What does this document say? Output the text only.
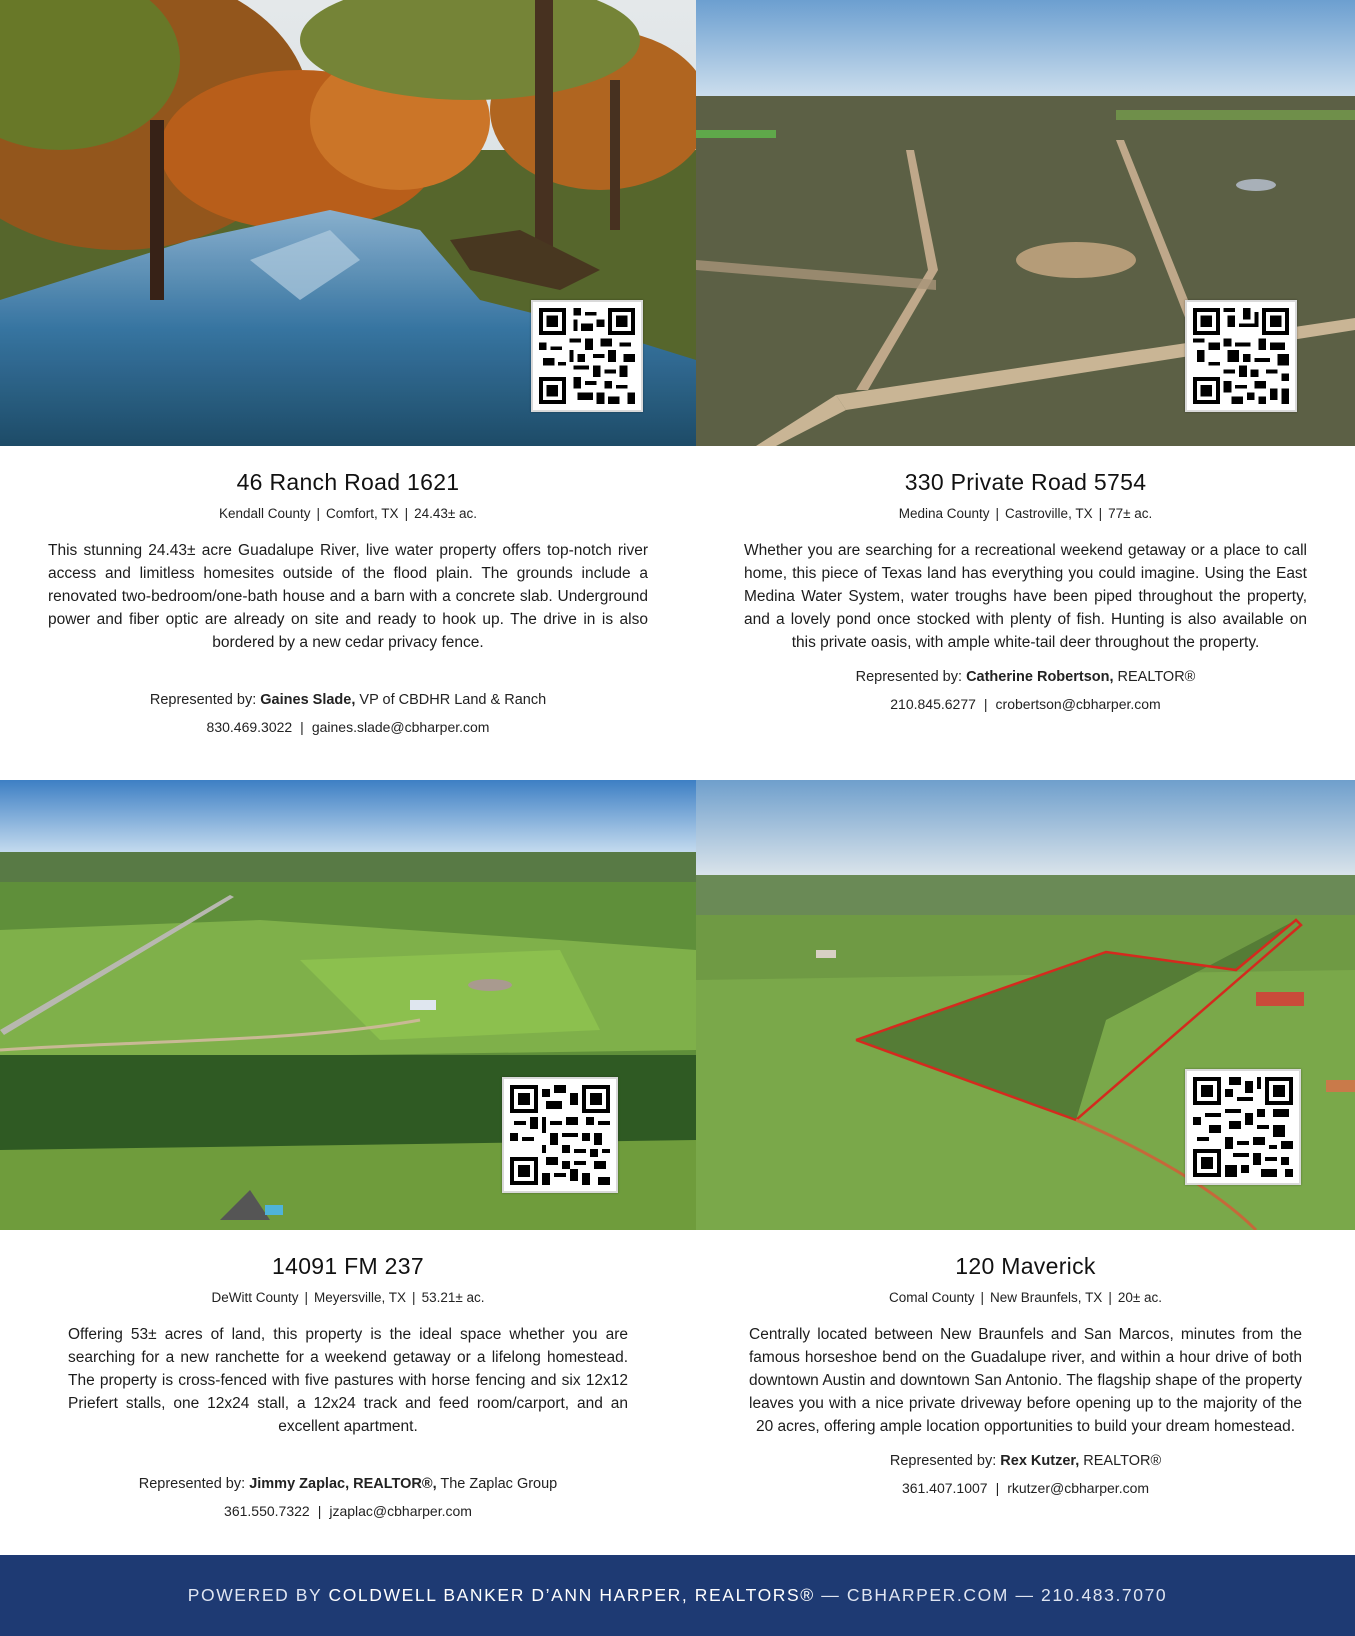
46 Ranch Road 1621
Kendall County | Comfort, TX | 24.43± ac.

This stunning 24.43± acre Guadalupe River, live water property offers top-notch river access and limitless homesites outside of the flood plain. The grounds include a renovated two-bedroom/one-bath house and a barn with a concrete slab. Underground power and fiber optic are already on site and ready to hook up. The drive in is also bordered by a new cedar privacy fence.

Represented by: Gaines Slade, VP of CBDHR Land & Ranch
830.469.3022 | gaines.slade@cbharper.com
330 Private Road 5754
Medina County | Castroville, TX | 77± ac.

Whether you are searching for a recreational weekend getaway or a place to call home, this piece of Texas land has everything you could imagine. Using the East Medina Water System, water troughs have been piped throughout the property, and a lovely pond once stocked with plenty of fish. Hunting is also available on this private oasis, with ample white-tail deer throughout the property.

Represented by: Catherine Robertson, REALTOR®
210.845.6277 | crobertson@cbharper.com
14091 FM 237
DeWitt County | Meyersville, TX | 53.21± ac.

Offering 53± acres of land, this property is the ideal space whether you are searching for a new ranchette for a weekend getaway or a lifelong homestead. The property is cross-fenced with five pastures with horse fencing and six 12x12 Priefert stalls, one 12x24 stall, a 12x24 track and feed room/carport, and an excellent apartment.

Represented by: Jimmy Zaplac, REALTOR®, The Zaplac Group
361.550.7322 | jzaplac@cbharper.com
120 Maverick
Comal County | New Braunfels, TX | 20± ac.

Centrally located between New Braunfels and San Marcos, minutes from the famous horseshoe bend on the Guadalupe river, and within a hour drive of both downtown Austin and downtown San Antonio. The flagship shape of the property leaves you with a nice private driveway before opening up to the majority of the 20 acres, offering ample location opportunities to build your dream homestead.

Represented by: Rex Kutzer, REALTOR®
361.407.1007 | rkutzer@cbharper.com
POWERED BY COLDWELL BANKER D’ANN HARPER, REALTORS® — CBHARPER.COM — 210.483.7070
